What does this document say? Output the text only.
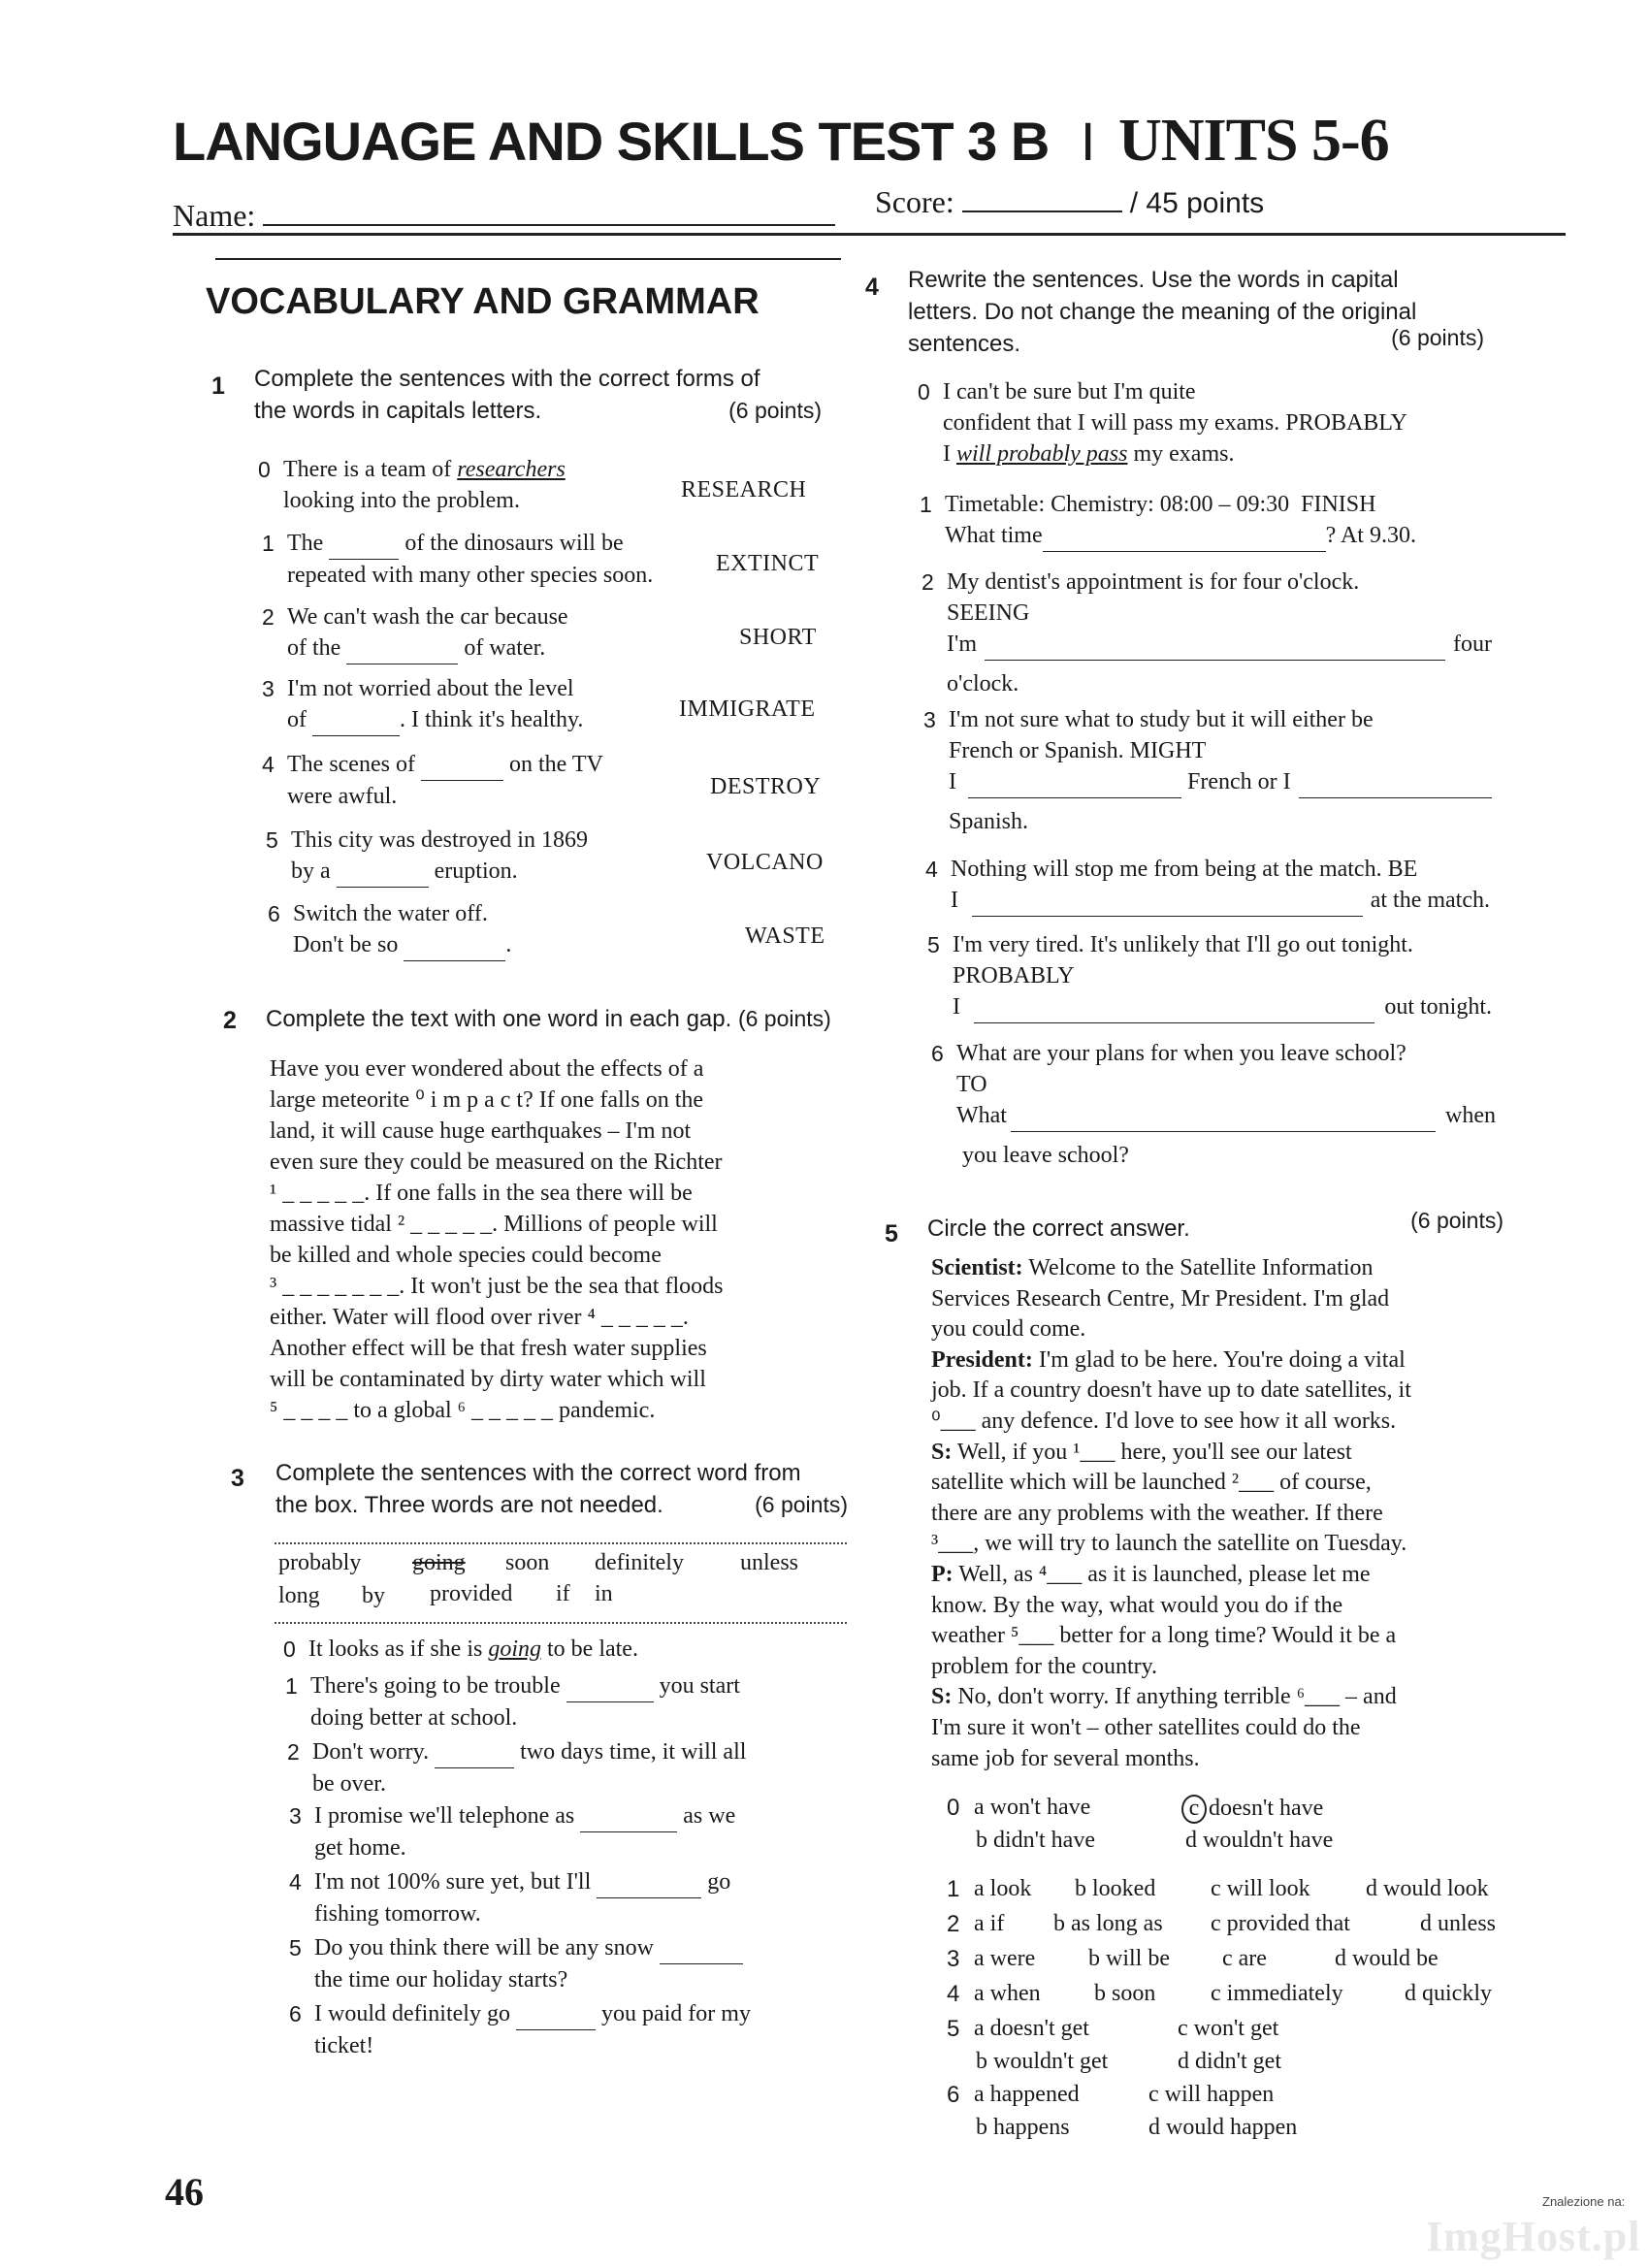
LANGUAGE AND SKILLS TEST 3 B I UNITS 5-6
Name:	Score:	/ 45 points
VOCABULARY AND GRAMMAR
1 Complete the sentences with the correct forms of
the words in capitals letters.	(6 points)
0 There is a team of researchers
looking into the problem.	RESEARCH
1 The	of the dinosaurs will be
repeated with many other species soon.	EXTINCT
2 We can't wash the car because
of the	of water.	SHORT
3 I'm not worried about the level
of	. I think it's healthy.	IMMIGRATE
4 The scenes of	on the TV
were awful.	DESTROY
5 This city was destroyed in 1869
by a	eruption.	VOLCANO
6 Switch the water off.
Don't be so	.	WASTE
2 Complete the text with one word in each gap. (6 points)
Have you ever wondered about the effects of a
large meteorite ⁰ i m p a c t? If one falls on the
land, it will cause huge earthquakes – I'm not
even sure they could be measured on the Richter
¹ _ _ _ _ _. If one falls in the sea there will be
massive tidal ² _ _ _ _ _. Millions of people will
be killed and whole species could become
³ _ _ _ _ _ _ _. It won't just be the sea that floods
either. Water will flood over river ⁴ _ _ _ _ _.
Another effect will be that fresh water supplies
will be contaminated by dirty water which will
⁵ _ _ _ _ to a global ⁶ _ _ _ _ _ pandemic.
3 Complete the sentences with the correct word from
the box. Three words are not needed.	(6 points)
probably going soon definitely unless
long by provided if in
0 It looks as if she is going to be late.
1 There's going to be trouble	you start
doing better at school.
2 Don't worry.	two days time, it will all
be over.
3 I promise we'll telephone as	as we
get home.
4 I'm not 100% sure yet, but I'll	go
fishing tomorrow.
5 Do you think there will be any snow
the time our holiday starts?
6 I would definitely go	you paid for my
ticket!
4 Rewrite the sentences. Use the words in capital
letters. Do not change the meaning of the original
sentences.	(6 points)
0 I can't be sure but I'm quite
confident that I will pass my exams. PROBABLY
I will probably pass my exams.
1 Timetable: Chemistry: 08:00 – 09:30 FINISH
What time	? At 9.30.
2 My dentist's appointment is for four o'clock.
SEEING
I'm
	four
o'clock.
3 I'm not sure what to study but it will either be
French or Spanish. MIGHT
I
	French or I

Spanish.
4 Nothing will stop me from being at the match. BE
I
	at the match.
5 I'm very tired. It's unlikely that I'll go out tonight.
PROBABLY
I
	out tonight.
6 What are your plans for when you leave school?
TO
What
	when
you leave school?
5 Circle the correct answer.	(6 points)
Scientist: Welcome to the Satellite Information
Services Research Centre, Mr President. I'm glad
you could come.
President: I'm glad to be here. You're doing a vital
job. If a country doesn't have up to date satellites, it
⁰___ any defence. I'd love to see how it all works.
S: Well, if you ¹___ here, you'll see our latest
satellite which will be launched ²___ of course,
there are any problems with the weather. If there
³___, we will try to launch the satellite on Tuesday.
P: Well, as ⁴___ as it is launched, please let me
know. By the way, what would you do if the
weather ⁵___ better for a long time? Would it be a
problem for the country.
S: No, don't worry. If anything terrible ⁶___ – and
I'm sure it won't – other satellites could do the
same job for several months.
0 a won't have
b didn't have
c doesn't have
d wouldn't have
1 a look b looked c will look d would look
2 a if b as long as c provided that	d unless
3 a were b will be c are	d would be
4 a when b soon c immediately	d quickly
5 a doesn't get
b wouldn't get
c won't get
d didn't get
6 a happened
b happens
c will happen
d would happen
46	Znalezione na:
ImgHost.pl
